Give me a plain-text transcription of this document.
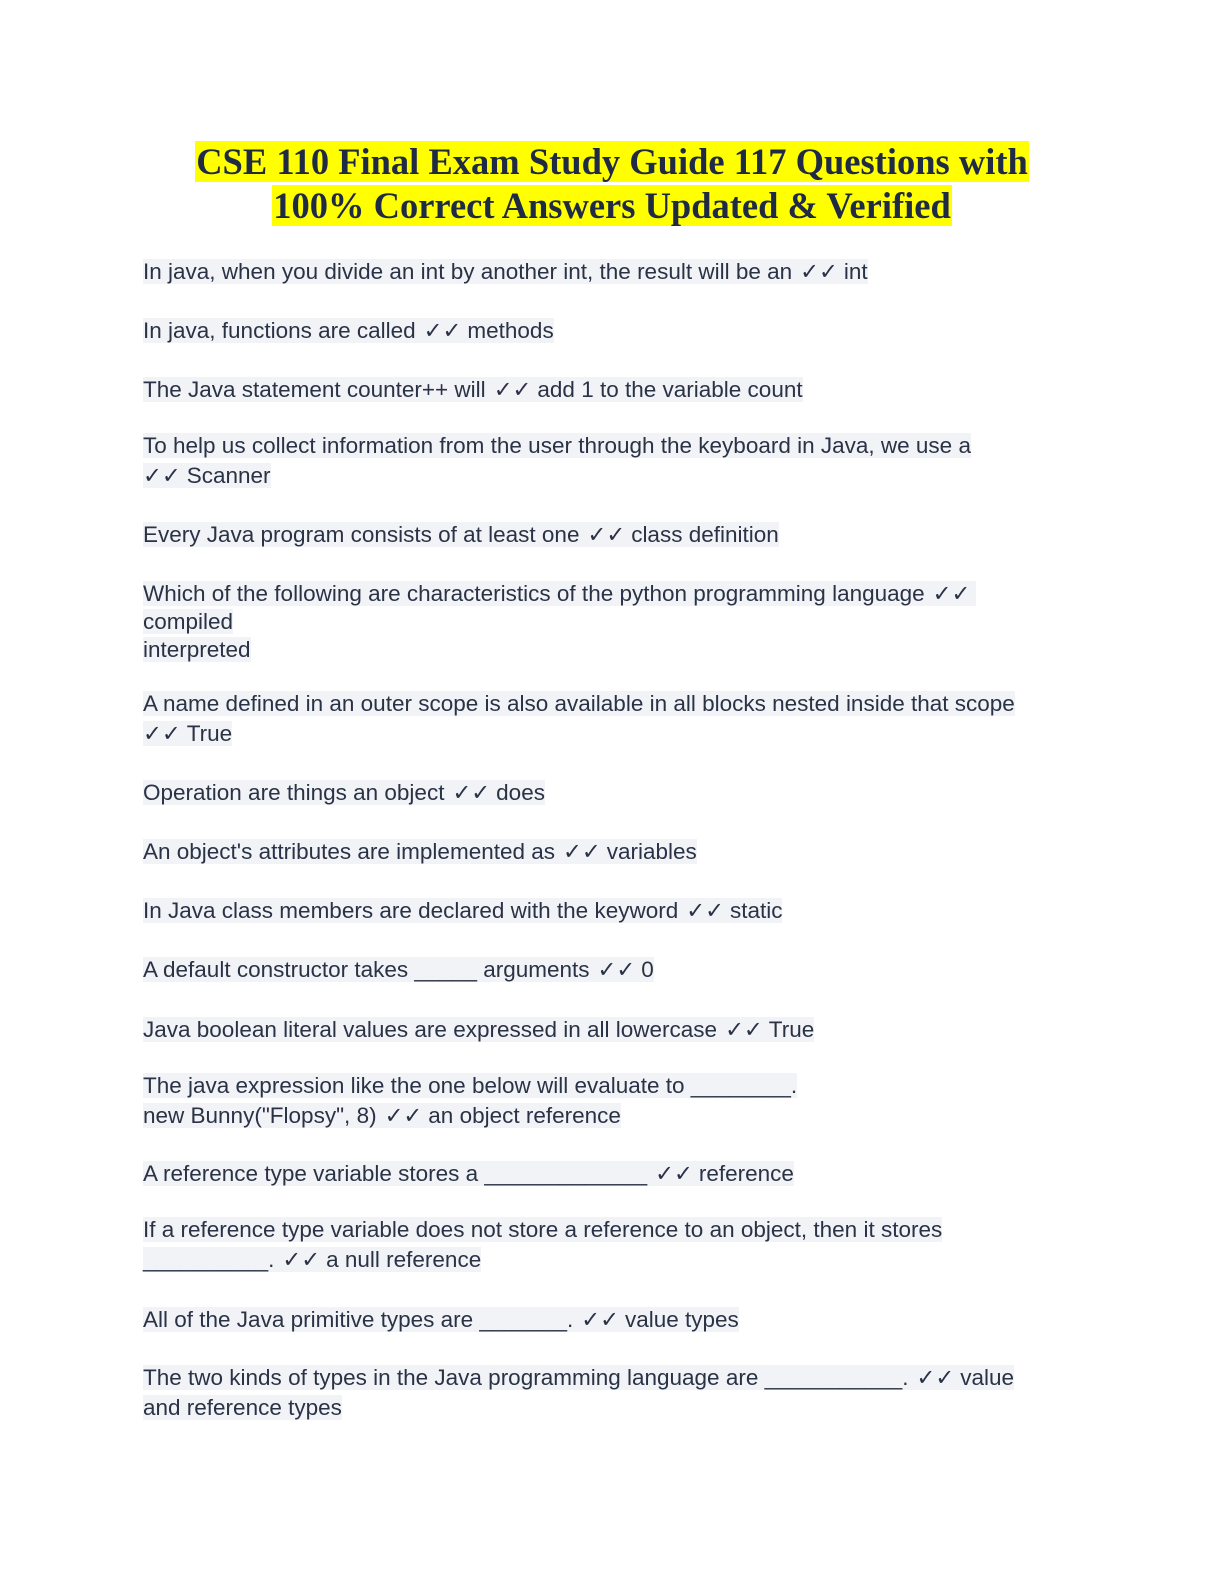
CSE 110 Final Exam Study Guide 117 Questions with
100% Correct Answers Updated & Verified
In java, when you divide an int by another int, the result will be an ✓✓ int
In java, functions are called ✓✓ methods
The Java statement counter++ will ✓✓ add 1 to the variable count
To help us collect information from the user through the keyboard in Java, we use a
✓✓ Scanner
Every Java program consists of at least one ✓✓ class definition
Which of the following are characteristics of the python programming language ✓✓
compiled
interpreted
A name defined in an outer scope is also available in all blocks nested inside that scope
✓✓ True
Operation are things an object ✓✓ does
An object's attributes are implemented as ✓✓ variables
In Java class members are declared with the keyword ✓✓ static
A default constructor takes _____ arguments ✓✓ 0
Java boolean literal values are expressed in all lowercase ✓✓ True
The java expression like the one below will evaluate to ________.
new Bunny("Flopsy", 8) ✓✓ an object reference
A reference type variable stores a _____________ ✓✓ reference
If a reference type variable does not store a reference to an object, then it stores
__________. ✓✓ a null reference
All of the Java primitive types are _______. ✓✓ value types
The two kinds of types in the Java programming language are ___________. ✓✓ value
and reference types
